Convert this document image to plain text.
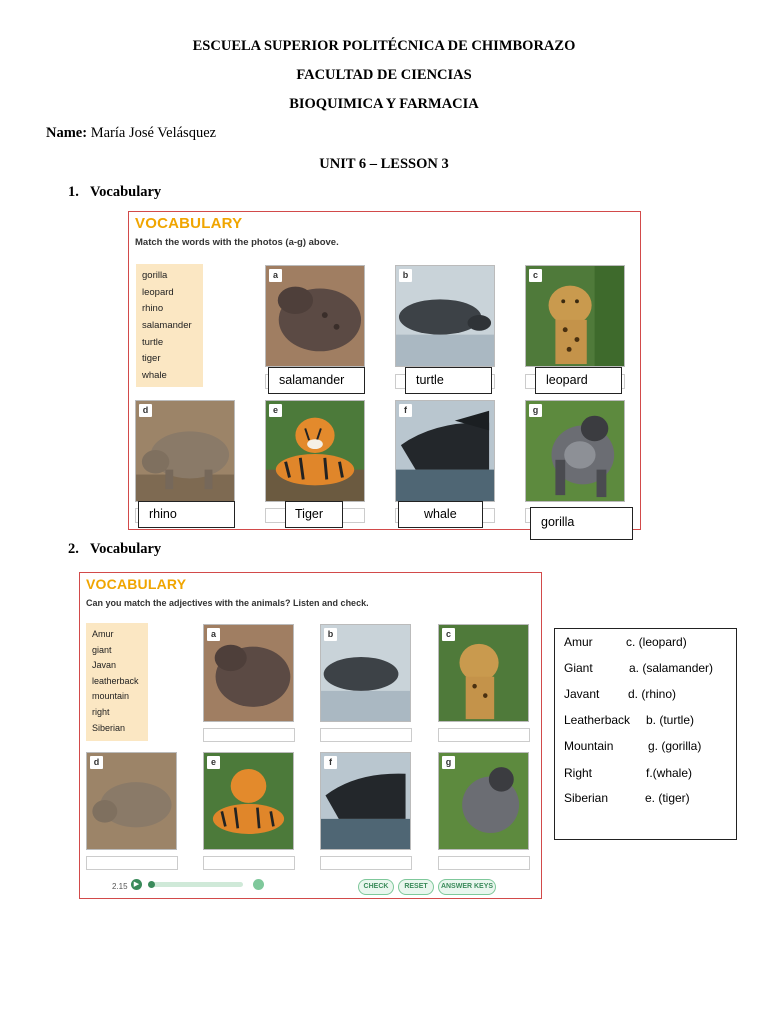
ESCUELA SUPERIOR POLITÉCNICA DE CHIMBORAZO
FACULTAD DE CIENCIAS
BIOQUIMICA Y FARMACIA
Name: María José Velásquez
UNIT 6 – LESSON 3
1. Vocabulary
VOCABULARY
Match the words with the photos (a-g) above.
gorilla
leopard
rhino
salamander
turtle
tiger
whale
a	b	c
d	e	f	g
salamander	turtle	leopard
rhino	Tiger	whale
gorilla
2. Vocabulary
VOCABULARY
Can you match the adjectives with the animals? Listen and check.
Amur
giant
Javan
leatherback
mountain
right
Siberian
a	b	c
d	e	f	g
2.15 ▶	CHECK	RESET	ANSWER KEYS
Amur	c. (leopard)
Giant	a. (salamander)
Javant d. (rhino)
Leatherback b. (turtle)
Mountain	g. (gorilla)
Right	f.(whale)
Siberian	e. (tiger)
